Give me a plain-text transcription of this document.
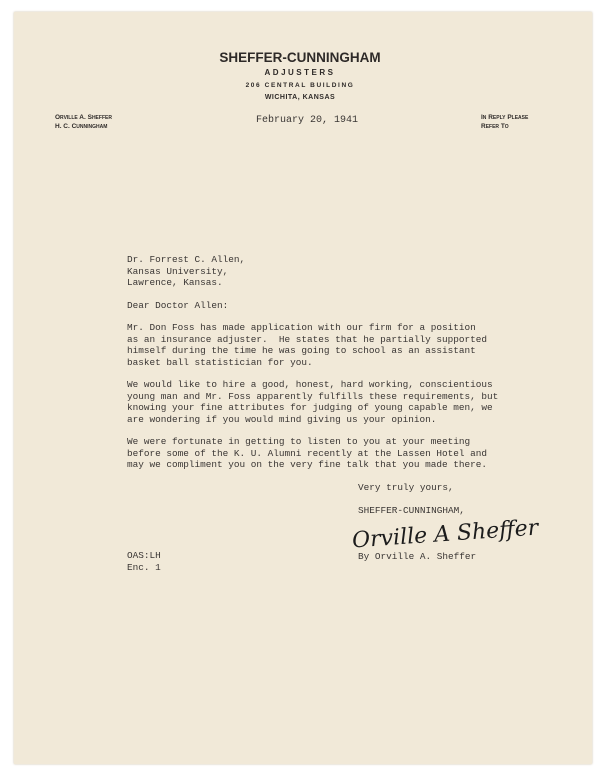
SHEFFER-CUNNINGHAM
ADJUSTERS
206 CENTRAL BUILDING
WICHITA, KANSAS
Orville A. Sheffer
H. C. Cunningham
In Reply Please
Refer To
February 20, 1941
Dr. Forrest C. Allen,
Kansas University,
Lawrence, Kansas.
Dear Doctor Allen:
Mr. Don Foss has made application with our firm for a position
as an insurance adjuster.  He states that he partially supported
himself during the time he was going to school as an assistant
basket ball statistician for you.
We would like to hire a good, honest, hard working, conscientious
young man and Mr. Foss apparently fulfills these requirements, but
knowing your fine attributes for judging of young capable men, we
are wondering if you would mind giving us your opinion.
We were fortunate in getting to listen to you at your meeting
before some of the K. U. Alumni recently at the Lassen Hotel and
may we compliment you on the very fine talk that you made there.
Very truly yours,
SHEFFER-CUNNINGHAM,
Orville A Sheffer
By Orville A. Sheffer
OAS:LH
Enc. 1
